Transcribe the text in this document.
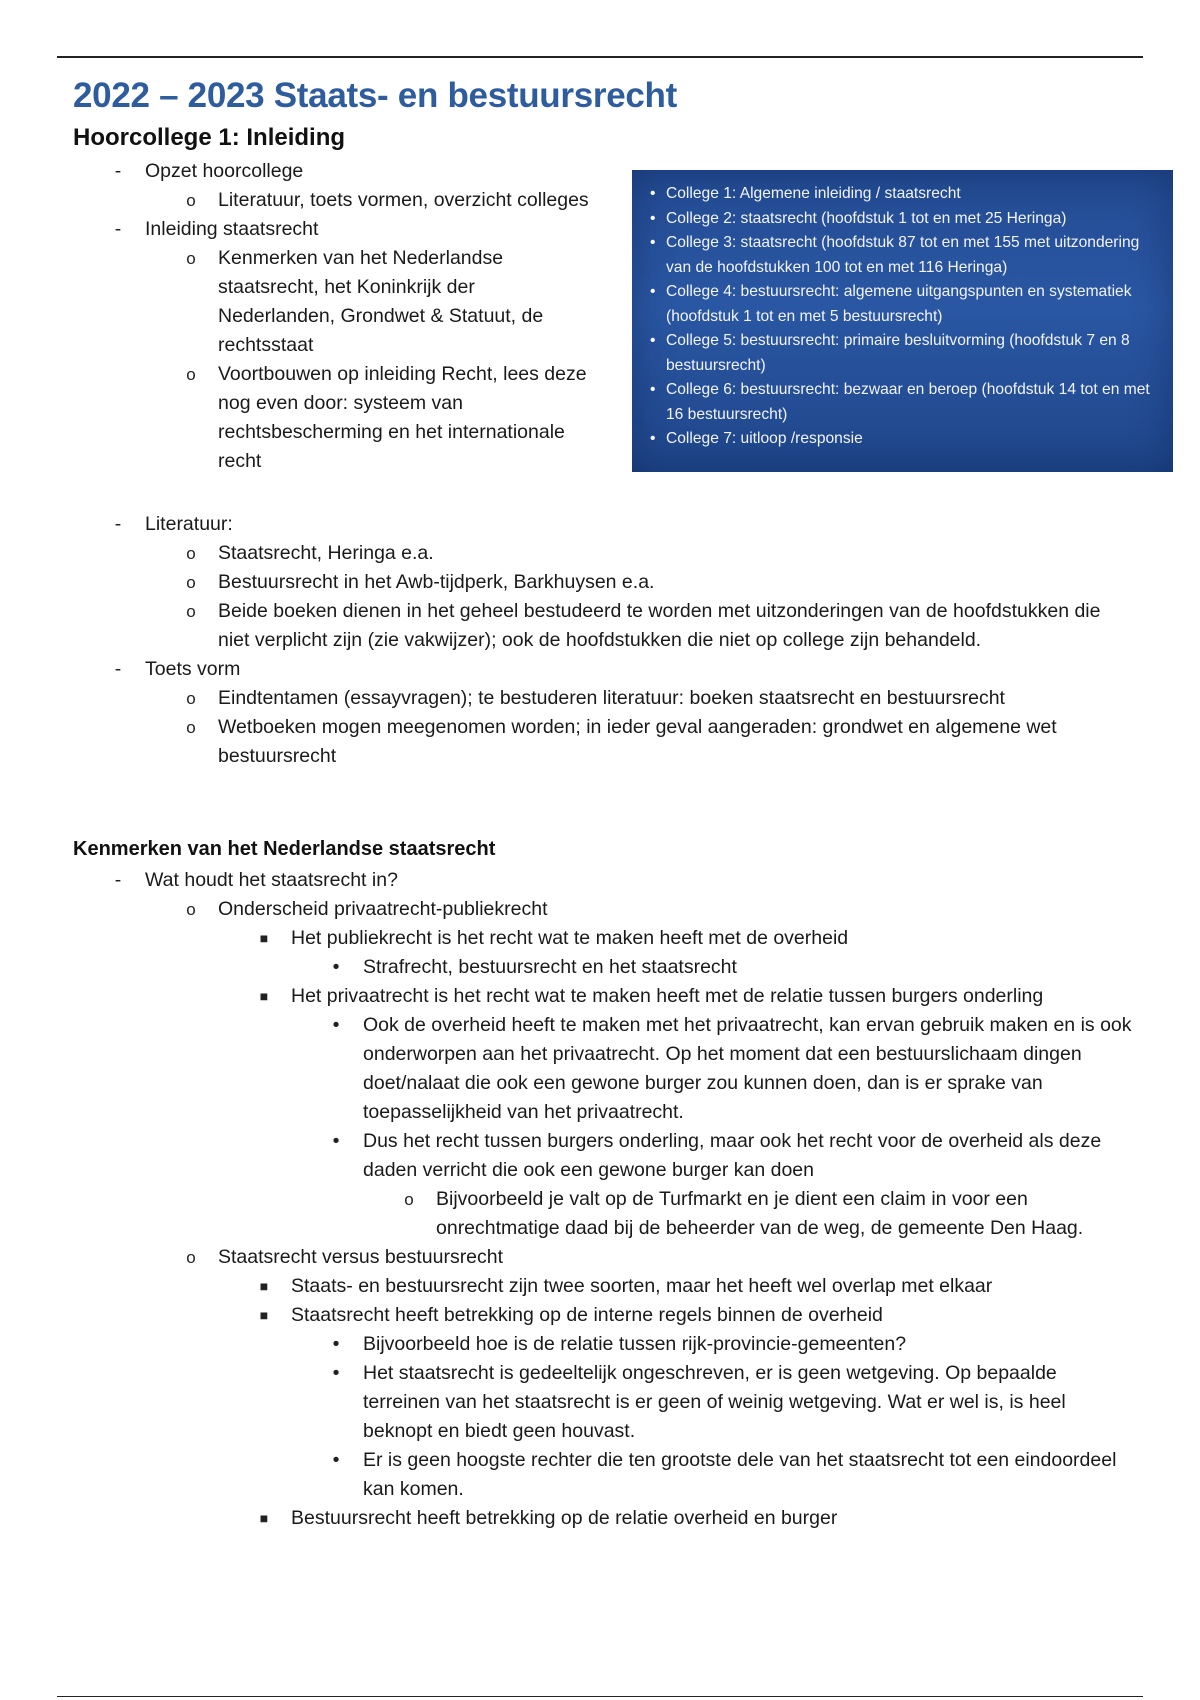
2022 – 2023 Staats- en bestuursrecht
Hoorcollege 1: Inleiding
-	Opzet hoorcollege
o Literatuur, toets vormen, overzicht colleges
-	Inleiding staatsrecht
o Kenmerken van het Nederlandse staatsrecht, het Koninkrijk der Nederlanden, Grondwet & Statuut, de rechtsstaat
o Voortbouwen op inleiding Recht, lees deze nog even door: systeem van rechtsbescherming en het internationale recht
• College 1: Algemene inleiding / staatsrecht
• College 2: staatsrecht (hoofdstuk 1 tot en met 25 Heringa)
• College 3: staatsrecht (hoofdstuk 87 tot en met 155 met uitzondering van de hoofdstukken 100 tot en met 116 Heringa)
• College 4: bestuursrecht: algemene uitgangspunten en systematiek (hoofdstuk 1 tot en met 5 bestuursrecht)
• College 5: bestuursrecht: primaire besluitvorming (hoofdstuk 7 en 8 bestuursrecht)
• College 6: bestuursrecht: bezwaar en beroep (hoofdstuk 14 tot en met 16 bestuursrecht)
• College 7: uitloop /responsie
-	Literatuur:
o Staatsrecht, Heringa e.a.
o Bestuursrecht in het Awb-tijdperk, Barkhuysen e.a.
o Beide boeken dienen in het geheel bestudeerd te worden met uitzonderingen van de hoofdstukken die niet verplicht zijn (zie vakwijzer); ook de hoofdstukken die niet op college zijn behandeld.
-	Toets vorm
o Eindtentamen (essayvragen); te bestuderen literatuur: boeken staatsrecht en bestuursrecht
o Wetboeken mogen meegenomen worden; in ieder geval aangeraden: grondwet en algemene wet bestuursrecht
Kenmerken van het Nederlandse staatsrecht
-	Wat houdt het staatsrecht in?
o Onderscheid privaatrecht-publiekrecht
■ Het publiekrecht is het recht wat te maken heeft met de overheid
•	Strafrecht, bestuursrecht en het staatsrecht
■ Het privaatrecht is het recht wat te maken heeft met de relatie tussen burgers onderling
•	Ook de overheid heeft te maken met het privaatrecht, kan ervan gebruik maken en is ook onderworpen aan het privaatrecht. Op het moment dat een bestuurslichaam dingen doet/nalaat die ook een gewone burger zou kunnen doen, dan is er sprake van toepasselijkheid van het privaatrecht.
•	Dus het recht tussen burgers onderling, maar ook het recht voor de overheid als deze daden verricht die ook een gewone burger kan doen
o Bijvoorbeeld je valt op de Turfmarkt en je dient een claim in voor een onrechtmatige daad bij de beheerder van de weg, de gemeente Den Haag.
o Staatsrecht versus bestuursrecht
■ Staats- en bestuursrecht zijn twee soorten, maar het heeft wel overlap met elkaar
■ Staatsrecht heeft betrekking op de interne regels binnen de overheid
•	Bijvoorbeeld hoe is de relatie tussen rijk-provincie-gemeenten?
•	Het staatsrecht is gedeeltelijk ongeschreven, er is geen wetgeving. Op bepaalde terreinen van het staatsrecht is er geen of weinig wetgeving. Wat er wel is, is heel beknopt en biedt geen houvast.
•	Er is geen hoogste rechter die ten grootste dele van het staatsrecht tot een eindoordeel kan komen.
■ Bestuursrecht heeft betrekking op de relatie overheid en burger
